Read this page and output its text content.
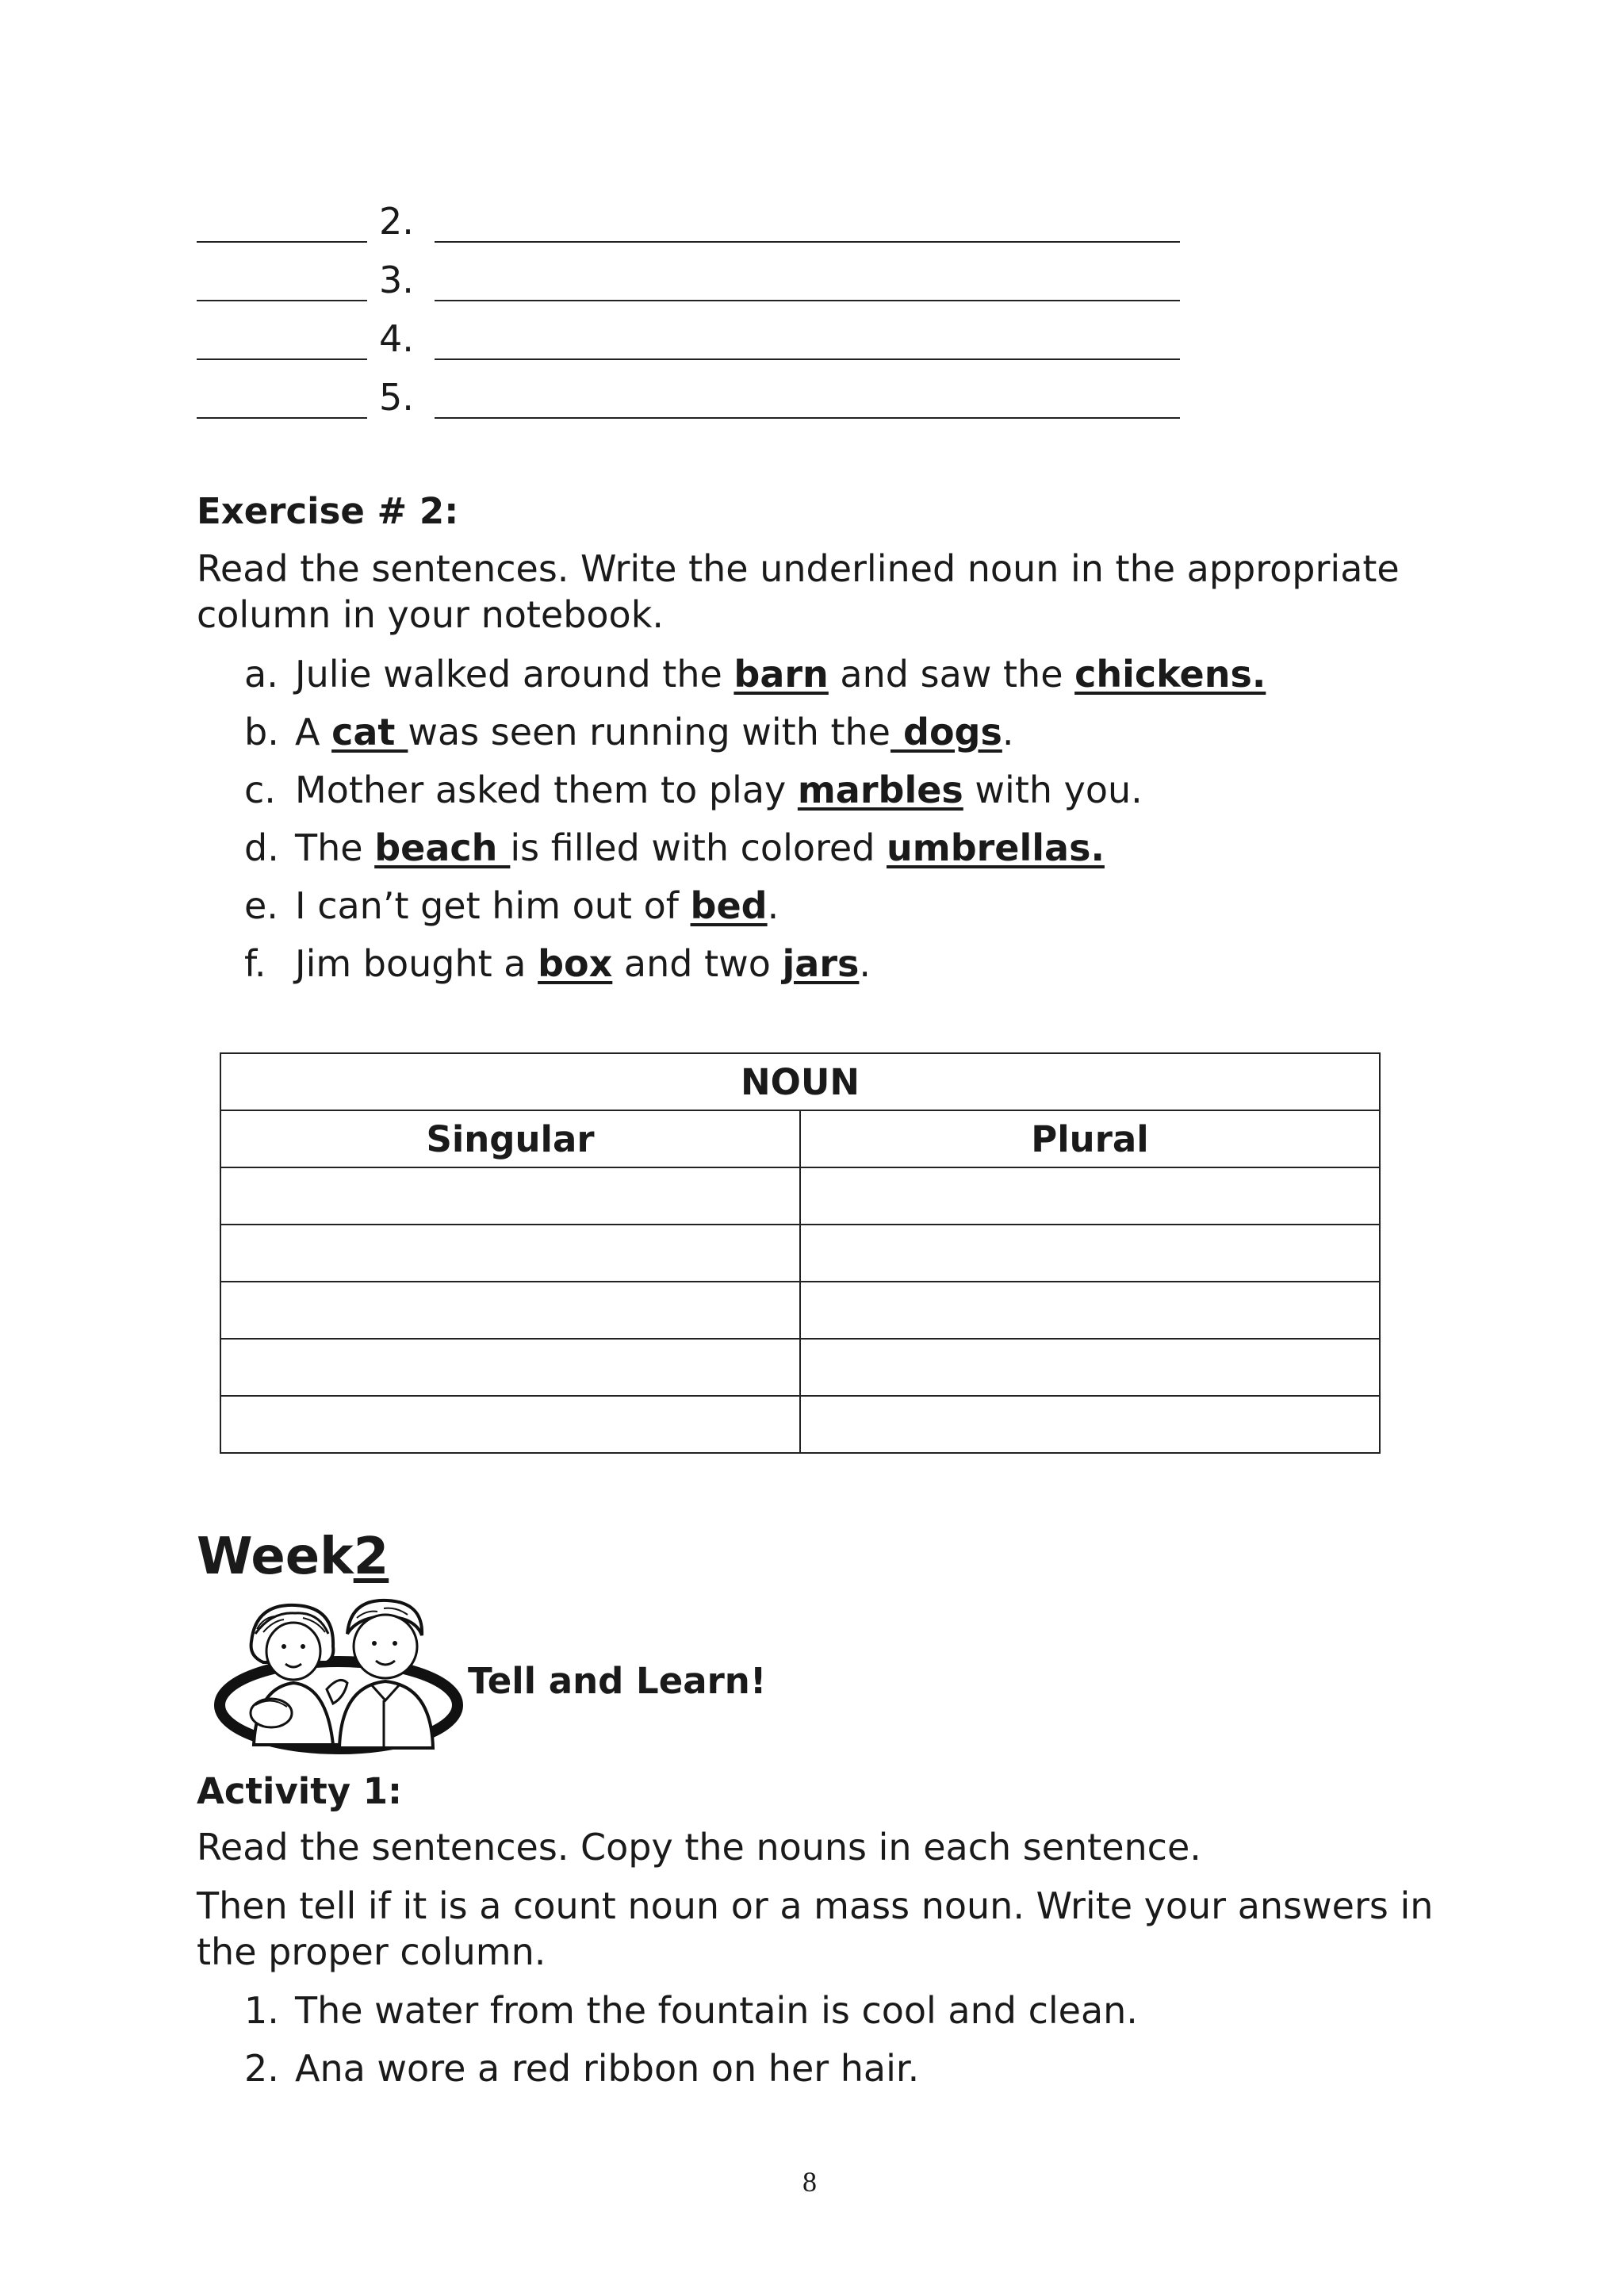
2.
3.
4.
5.
Exercise # 2:
Read the sentences. Write the underlined noun in the appropriate column in your notebook.
a. Julie walked around the barn and saw the chickens.
b. A cat was seen running with the dogs.
c. Mother asked them to play marbles with you.
d. The beach is filled with colored umbrellas.
e. I can’t get him out of bed.
f. Jim bought a box and two jars.
NOUN	
Singular	Plural

Week2
Tell and Learn!
Activity 1:
Read the sentences. Copy the nouns in each sentence.
Then tell if it is a count noun or a mass noun. Write your answers in the proper column.
1. The water from the fountain is cool and clean.
2. Ana wore a red ribbon on her hair.
8
